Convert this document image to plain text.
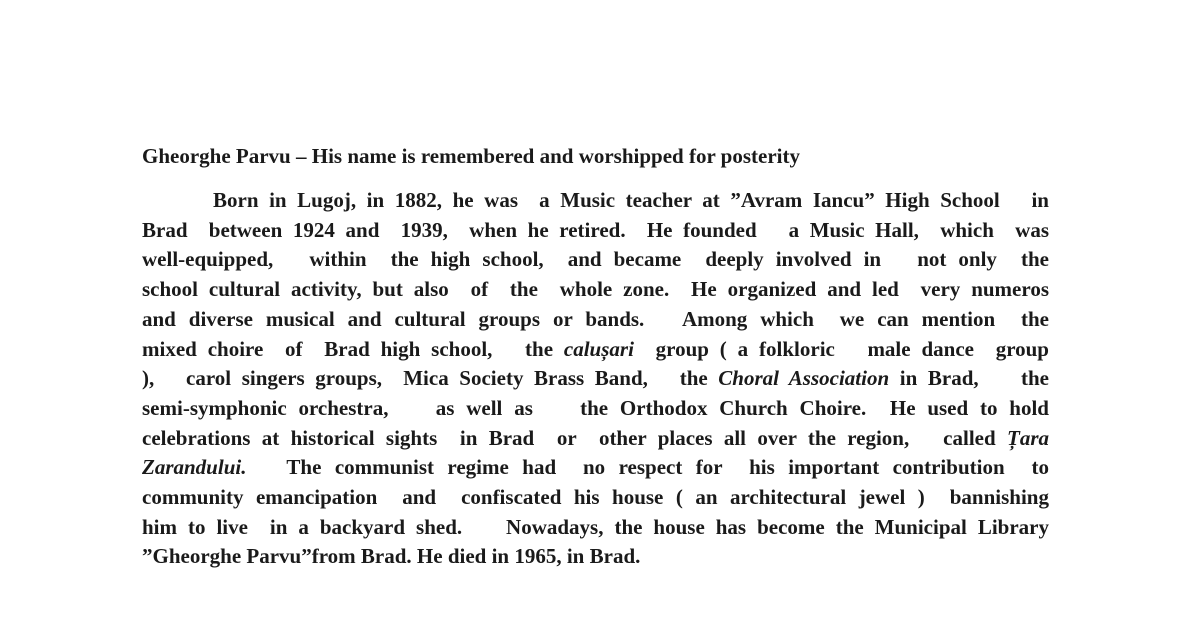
Gheorghe Parvu – His name is remembered and worshipped for posterity
Born in Lugoj, in 1882, he was  a Music teacher at ”Avram Iancu” High School   in
Brad  between 1924 and  1939,  when he retired.  He founded   a Music Hall,  which  was
well-equipped,   within  the high school,  and became  deeply involved in   not only  the
school cultural activity, but also  of  the  whole zone.  He organized and led  very numeros
and diverse musical and cultural groups or bands.   Among which  we can mention  the
mixed choire  of  Brad high school,   the calușari  group ( a folkloric   male dance  group
),   carol singers groups,  Mica Society Brass Band,   the Choral Association in Brad,    the
semi-symphonic orchestra,    as well as    the Orthodox Church Choire.  He used to hold
celebrations at historical sights  in Brad  or  other places all over the region,   called Țara
Zarandului.   The communist regime had  no respect for  his important contribution  to
community emancipation  and  confiscated his house ( an architectural jewel )  bannishing
him to live  in a backyard shed.    Nowadays, the house has become the Municipal Library
”Gheorghe Parvu”from Brad. He died in 1965, in Brad.
